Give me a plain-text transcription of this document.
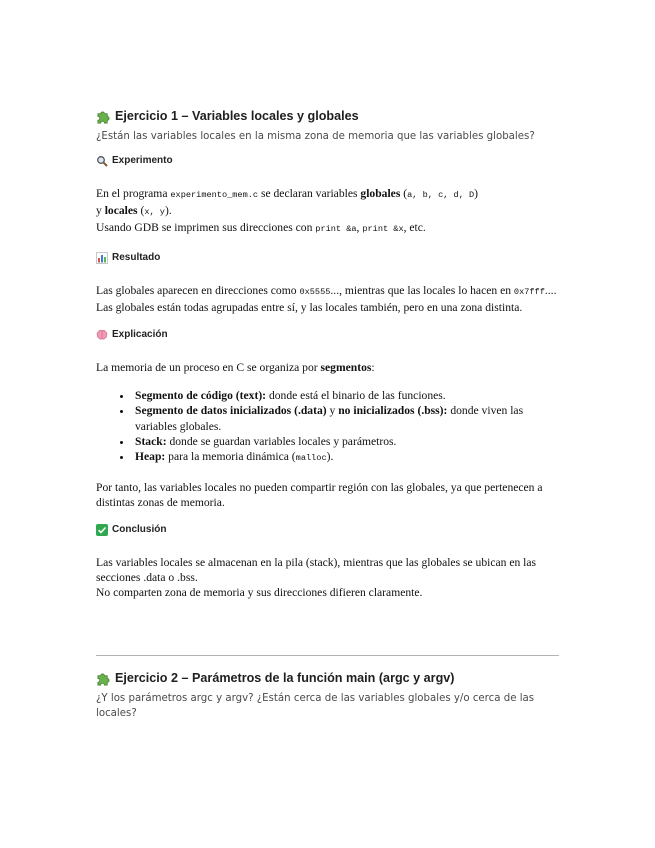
Ejercicio 1 – Variables locales y globales
¿Están las variables locales en la misma zona de memoria que las variables globales?
Experimento

En el programa experimento_mem.c se declaran variables globales (a, b, c, d, D)
y locales (x, y).
Usando GDB se imprimen sus direcciones con print &a, print &x, etc.

Resultado

Las globales aparecen en direcciones como 0x5555..., mientras que las locales lo hacen en 0x7fff....

Las globales están todas agrupadas entre sí, y las locales también, pero en una zona distinta.

Explicación

La memoria de un proceso en C se organiza por segmentos:

• Segmento de código (text): donde está el binario de las funciones.
• Segmento de datos inicializados (.data) y no inicializados (.bss): donde viven las variables globales.
• Stack: donde se guardan variables locales y parámetros.
• Heap: para la memoria dinámica (malloc).

Por tanto, las variables locales no pueden compartir región con las globales, ya que pertenecen a distintas zonas de memoria.

Conclusión

Las variables locales se almacenan en la pila (stack), mientras que las globales se ubican en las secciones .data o .bss.

No comparten zona de memoria y sus direcciones difieren claramente.

Ejercicio 2 – Parámetros de la función main (argc y argv)
¿Y los parámetros argc y argv? ¿Están cerca de las variables globales y/o cerca de las locales?
